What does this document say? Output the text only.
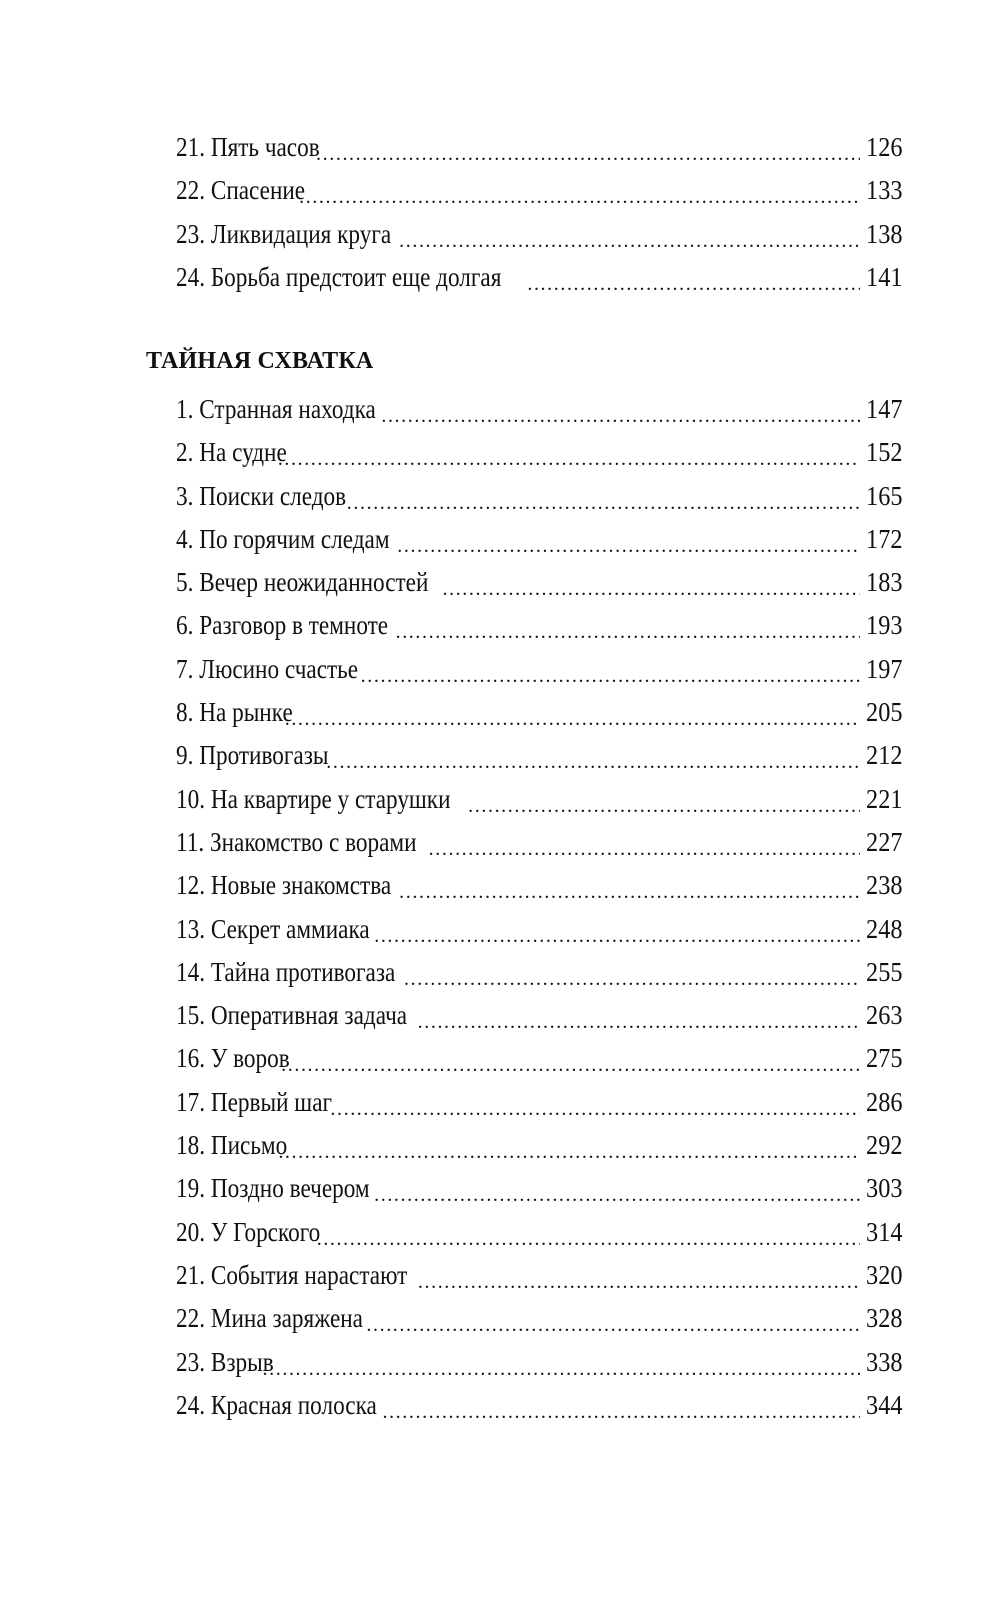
21. Пять часов .....	126
22. Спасение .....	133
23. Ликвидация круга .....	138
24. Борьба предстоит еще долгая .....	141
ТАЙНАЯ СХВАТКА
1. Странная находка .....	147
2. На судне .....	152
3. Поиски следов .....	165
4. По горячим следам .....	172
5. Вечер неожиданностей .....	183
6. Разговор в темноте .....	193
7. Люсино счастье .....	197
8. На рынке .....	205
9. Противогазы .....	212
10. На квартире у старушки .....	221
11. Знакомство с ворами .....	227
12. Новые знакомства .....	238
13. Секрет аммиака .....	248
14. Тайна противогаза .....	255
15. Оперативная задача .....	263
16. У воров .....	275
17. Первый шаг .....	286
18. Письмо .....	292
19. Поздно вечером .....	303
20. У Горского .....	314
21. События нарастают .....	320
22. Мина заряжена .....	328
23. Взрыв .....	338
24. Красная полоска .....	344
